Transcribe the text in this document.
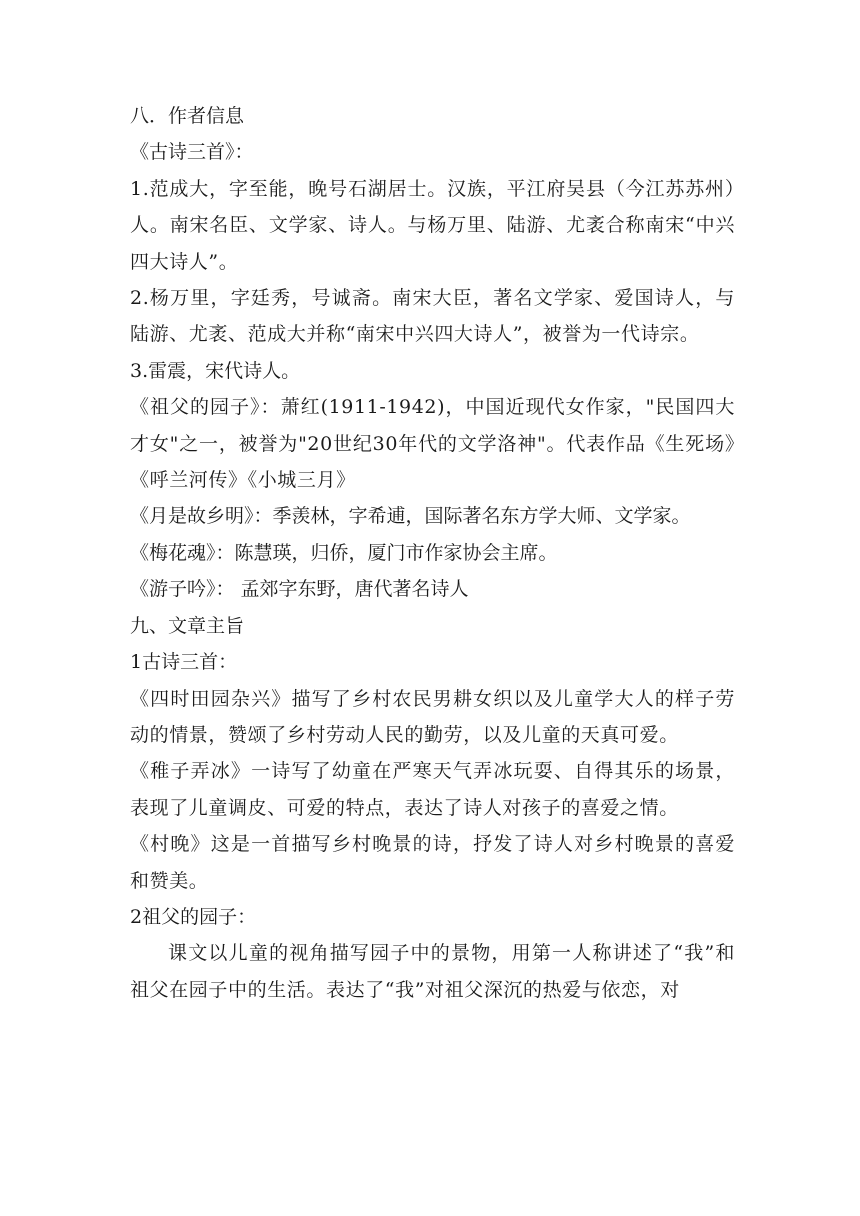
八．作者信息
《古诗三首》：
1.范成大，字至能，晚号石湖居士。汉族，平江府吴县（今江苏苏州）人。南宋名臣、文学家、诗人。与杨万里、陆游、尤袤合称南宋“中兴四大诗人”。
2.杨万里，字廷秀，号诚斋。南宋大臣，著名文学家、爱国诗人，与陆游、尤袤、范成大并称“南宋中兴四大诗人”，被誉为一代诗宗。
3.雷震，宋代诗人。
《祖父的园子》：萧红(1911-1942)，中国近现代女作家，"民国四大才女"之一，被誉为"20世纪30年代的文学洛神"。代表作品《生死场》《呼兰河传》《小城三月》
《月是故乡明》：季羡林，字希逋，国际著名东方学大师、文学家。
《梅花魂》：陈慧瑛，归侨，厦门市作家协会主席。
《游子吟》： 孟郊字东野，唐代著名诗人
九、文章主旨
1古诗三首：
《四时田园杂兴》描写了乡村农民男耕女织以及儿童学大人的样子劳动的情景，赞颂了乡村劳动人民的勤劳，以及儿童的天真可爱。
《稚子弄冰》一诗写了幼童在严寒天气弄冰玩耍、自得其乐的场景，表现了儿童调皮、可爱的特点，表达了诗人对孩子的喜爱之情。
《村晚》这是一首描写乡村晚景的诗，抒发了诗人对乡村晚景的喜爱和赞美。
2祖父的园子：
课文以儿童的视角描写园子中的景物，用第一人称讲述了“我”和祖父在园子中的生活。表达了“我”对祖父深沉的热爱与依恋，对
